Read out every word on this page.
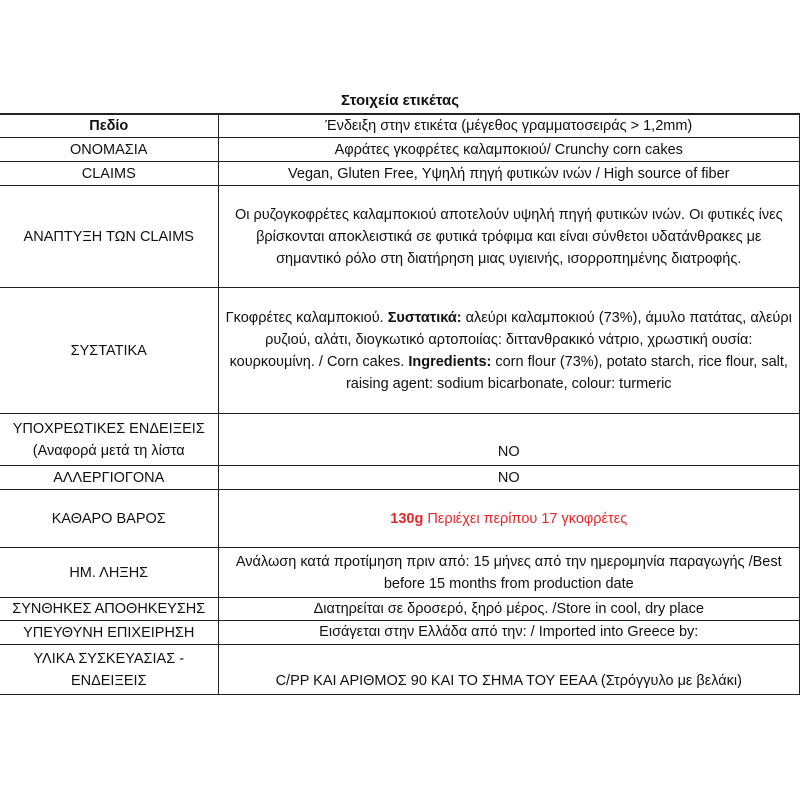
Στοιχεία ετικέτας
Πεδίο	Ένδειξη στην ετικέτα (μέγεθος γραμματοσειράς > 1,2mm)
ΟΝΟΜΑΣΙΑ	Αφράτες γκοφρέτες καλαμποκιού/ Crunchy corn cakes
CLAIMS	Vegan, Gluten Free, Υψηλή πηγή φυτικών ινών / High source of fiber
ΑΝΑΠΤΥΞΗ ΤΩΝ CLAIMS	Οι ρυζογκοφρέτες καλαμποκιού αποτελούν υψηλή πηγή φυτικών ινών. Οι φυτικές ίνες βρίσκονται αποκλειστικά σε φυτικά τρόφιμα και είναι σύνθετοι υδατάνθρακες με σημαντικό ρόλο στη διατήρηση μιας υγιεινής, ισορροπημένης διατροφής.
ΣΥΣΤΑΤΙΚΑ	Γκοφρέτες καλαμποκιού. Συστατικά: αλεύρι καλαμποκιού (73%), άμυλο πατάτας, αλεύρι ρυζιού, αλάτι, διογκωτικό αρτοποιίας: διττανθρακικό νάτριο, χρωστική ουσία: κουρκουμίνη. / Corn cakes. Ingredients: corn flour (73%), potato starch, rice flour, salt, raising agent: sodium bicarbonate, colour: turmeric
ΥΠΟΧΡΕΩΤΙΚΕΣ ΕΝΔΕΙΞΕΙΣ (Αναφορά μετά τη λίστα	NO
ΑΛΛΕΡΓΙΟΓΟΝΑ	NO
ΚΑΘΑΡΟ ΒΑΡΟΣ	130g Περιέχει περίπου 17 γκοφρέτες
ΗΜ. ΛΗΞΗΣ	Ανάλωση κατά προτίμηση πριν από: 15 μήνες από την ημερομηνία παραγωγής /Best before 15 months from production date
ΣΥΝΘΗΚΕΣ ΑΠΟΘΗΚΕΥΣΗΣ	Διατηρείται σε δροσερό, ξηρό μέρος. /Store in cool, dry place
ΥΠΕΥΘΥΝΗ ΕΠΙΧΕΙΡΗΣΗ	Εισάγεται στην Ελλάδα από την: / Imported into Greece by:
ΥΛΙΚΑ ΣΥΣΚΕΥΑΣΙΑΣ - ΕΝΔΕΙΞΕΙΣ	C/PP ΚΑΙ ΑΡΙΘΜΟΣ 90 ΚΑΙ ΤΟ ΣΗΜΑ ΤΟΥ ΕΕΑΑ (Στρόγγυλο με βελάκι)
